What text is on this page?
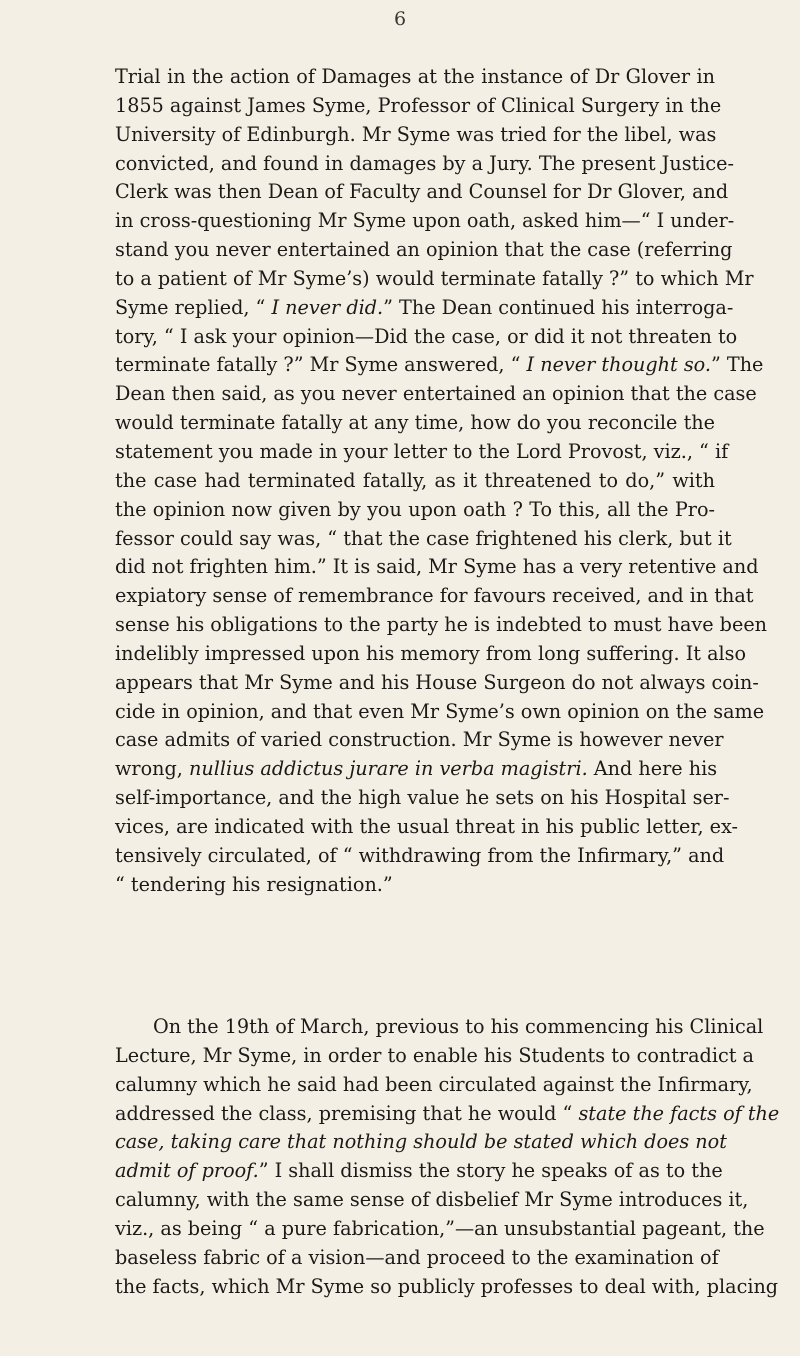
6
Trial in the action of Damages at the instance of Dr Glover in
1855 against James Syme, Professor of Clinical Surgery in the
University of Edinburgh. Mr Syme was tried for the libel, was
convicted, and found in damages by a Jury. The present Justice-
Clerk was then Dean of Faculty and Counsel for Dr Glover, and
in cross-questioning Mr Syme upon oath, asked him—“ I under-
stand you never entertained an opinion that the case (referring
to a patient of Mr Syme’s) would terminate fatally ?” to which Mr
Syme replied, “ I never did.” The Dean continued his interroga-
tory, “ I ask your opinion—Did the case, or did it not threaten to
terminate fatally ?” Mr Syme answered, “ I never thought so.” The
Dean then said, as you never entertained an opinion that the case
would terminate fatally at any time, how do you reconcile the
statement you made in your letter to the Lord Provost, viz., “ if
the case had terminated fatally, as it threatened to do,” with
the opinion now given by you upon oath ? To this, all the Pro-
fessor could say was, “ that the case frightened his clerk, but it
did not frighten him.” It is said, Mr Syme has a very retentive and
expiatory sense of remembrance for favours received, and in that
sense his obligations to the party he is indebted to must have been
indelibly impressed upon his memory from long suffering. It also
appears that Mr Syme and his House Surgeon do not always coin-
cide in opinion, and that even Mr Syme’s own opinion on the same
case admits of varied construction. Mr Syme is however never
wrong, nullius addictus jurare in verba magistri. And here his
self-importance, and the high value he sets on his Hospital ser-
vices, are indicated with the usual threat in his public letter, ex-
tensively circulated, of “ withdrawing from the Infirmary,” and
“ tendering his resignation.”
On the 19th of March, previous to his commencing his Clinical
Lecture, Mr Syme, in order to enable his Students to contradict a
calumny which he said had been circulated against the Infirmary,
addressed the class, premising that he would “ state the facts of the
case, taking care that nothing should be stated which does not
admit of proof.” I shall dismiss the story he speaks of as to the
calumny, with the same sense of disbelief Mr Syme introduces it,
viz., as being “ a pure fabrication,”—an unsubstantial pageant, the
baseless fabric of a vision—and proceed to the examination of
the facts, which Mr Syme so publicly professes to deal with, placing
